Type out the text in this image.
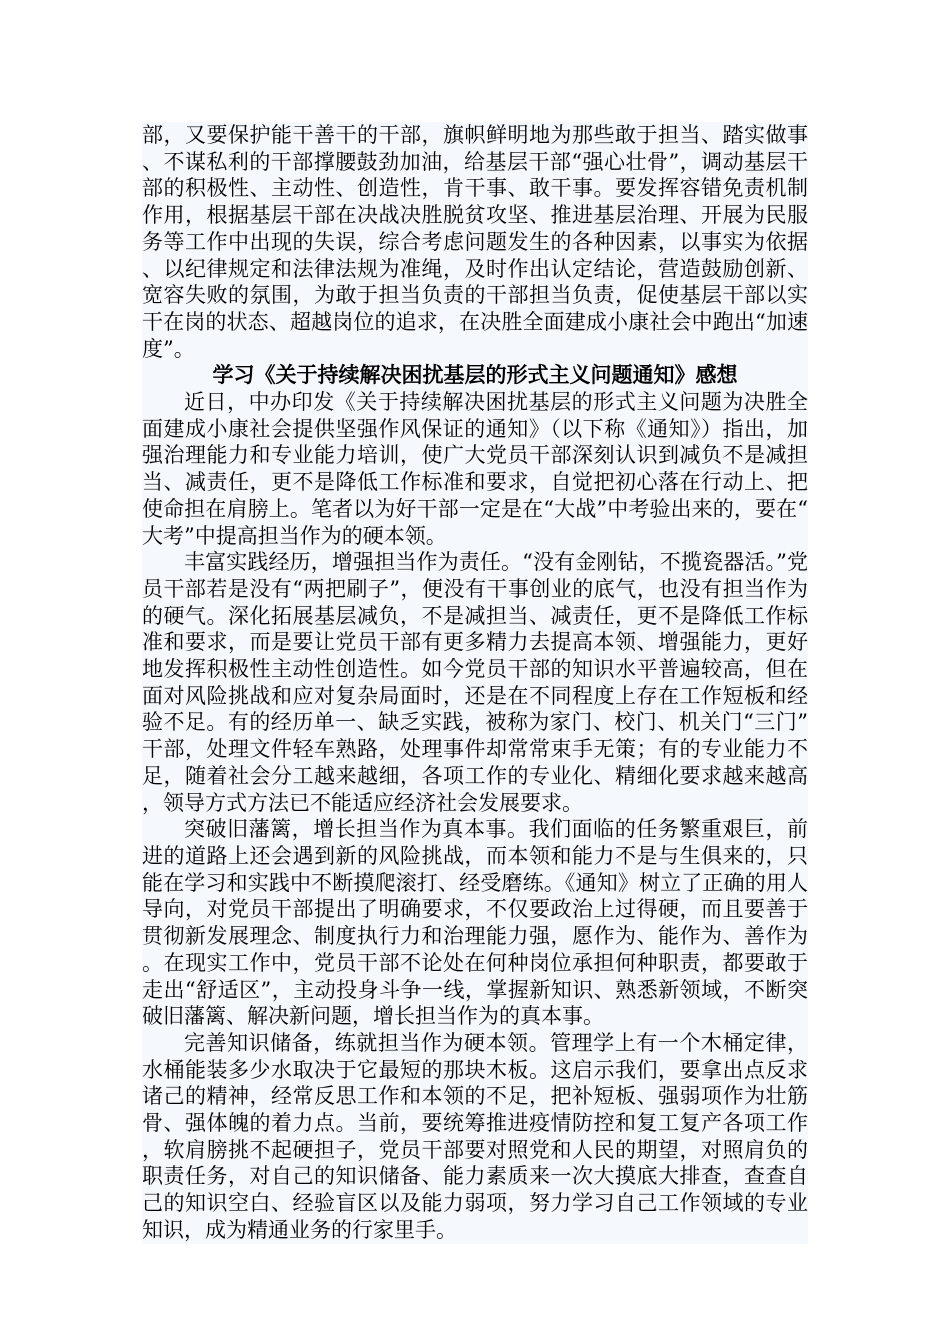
部，又要保护能干善干的干部，旗帜鲜明地为那些敢于担当、踏实做事、不谋私利的干部撑腰鼓劲加油，给基层干部“强心壮骨”，调动基层干部的积极性、主动性、创造性，肯干事、敢干事。要发挥容错免责机制作用，根据基层干部在决战决胜脱贫攻坚、推进基层治理、开展为民服务等工作中出现的失误，综合考虑问题发生的各种因素，以事实为依据、以纪律规定和法律法规为准绳，及时作出认定结论，营造鼓励创新、宽容失败的氛围，为敢于担当负责的干部担当负责，促使基层干部以实干在岗的状态、超越岗位的追求，在决胜全面建成小康社会中跑出“加速度”。

学习《关于持续解决困扰基层的形式主义问题通知》感想

近日，中办印发《关于持续解决困扰基层的形式主义问题为决胜全面建成小康社会提供坚强作风保证的通知》（以下称《通知》）指出，加强治理能力和专业能力培训，使广大党员干部深刻认识到减负不是减担当、减责任，更不是降低工作标准和要求，自觉把初心落在行动上、把使命担在肩膀上。笔者以为好干部一定是在“大战”中考验出来的，要在“大考”中提高担当作为的硬本领。

丰富实践经历，增强担当作为责任。“没有金刚钻，不揽瓷器活。”党员干部若是没有“两把刷子”，便没有干事创业的底气，也没有担当作为的硬气。深化拓展基层减负，不是减担当、减责任，更不是降低工作标准和要求，而是要让党员干部有更多精力去提高本领、增强能力，更好地发挥积极性主动性创造性。如今党员干部的知识水平普遍较高，但在面对风险挑战和应对复杂局面时，还是在不同程度上存在工作短板和经验不足。有的经历单一、缺乏实践，被称为家门、校门、机关门“三门”干部，处理文件轻车熟路，处理事件却常常束手无策；有的专业能力不足，随着社会分工越来越细，各项工作的专业化、精细化要求越来越高，领导方式方法已不能适应经济社会发展要求。

突破旧藩篱，增长担当作为真本事。我们面临的任务繁重艰巨，前进的道路上还会遇到新的风险挑战，而本领和能力不是与生俱来的，只能在学习和实践中不断摸爬滚打、经受磨练。《通知》树立了正确的用人导向，对党员干部提出了明确要求，不仅要政治上过得硬，而且要善于贯彻新发展理念、制度执行力和治理能力强，愿作为、能作为、善作为。在现实工作中，党员干部不论处在何种岗位承担何种职责，都要敢于走出“舒适区”，主动投身斗争一线，掌握新知识、熟悉新领域，不断突破旧藩篱、解决新问题，增长担当作为的真本事。

完善知识储备，练就担当作为硬本领。管理学上有一个木桶定律，水桶能装多少水取决于它最短的那块木板。这启示我们，要拿出点反求诸己的精神，经常反思工作和本领的不足，把补短板、强弱项作为壮筋骨、强体魄的着力点。当前，要统筹推进疫情防控和复工复产各项工作，软肩膀挑不起硬担子，党员干部要对照党和人民的期望，对照肩负的职责任务，对自己的知识储备、能力素质来一次大摸底大排查，查查自己的知识空白、经验盲区以及能力弱项，努力学习自己工作领域的专业知识，成为精通业务的行家里手。
